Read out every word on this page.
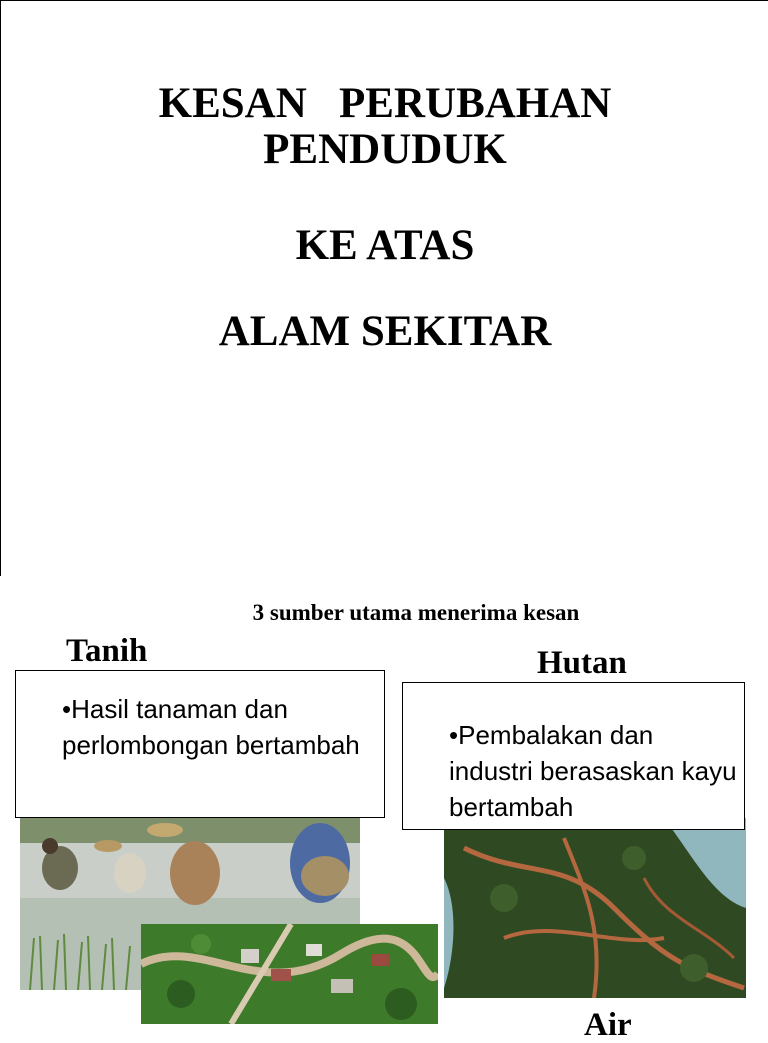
KESAN   PERUBAHAN
PENDUDUK
KE ATAS
ALAM SEKITAR
3 sumber utama menerima kesan
Tanih	Hutan
•Hasil tanaman dan perlombongan bertambah	•Pembalakan dan industri berasaskan kayu bertambah
Air
